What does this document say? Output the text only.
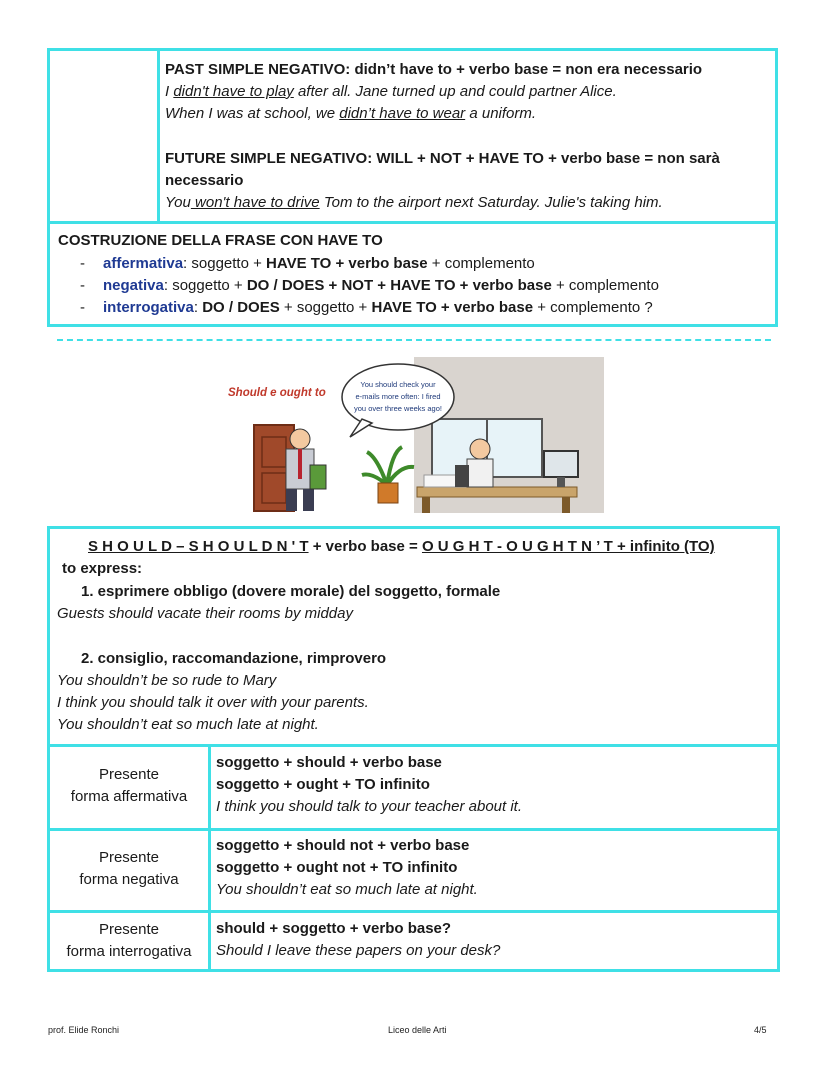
PAST SIMPLE NEGATIVO: didn’t have to + verbo base = non era necessario
I didn't have to play after all. Jane turned up and could partner Alice.
When I was at school, we didn’t have to wear a uniform.
FUTURE SIMPLE NEGATIVO: WILL + NOT + HAVE TO + verbo base = non sarà
necessario
You won't have to drive Tom to the airport next Saturday. Julie's taking him.
COSTRUZIONE DELLA FRASE CON HAVE TO
- affermativa: soggetto + HAVE TO + verbo base + complemento
- negativa: soggetto + DO / DOES + NOT + HAVE TO + verbo base + complemento
- interrogativa: DO / DOES + soggetto + HAVE TO + verbo base + complemento ?
You should check your
e-mails more often: I fired
you over three weeks ago!
Should e ought to
S H O U L D – S H O U L D N ' T + verbo base = O U G H T - O U G H T N ’ T + infinito (TO)
to express:
1. esprimere obbligo (dovere morale) del soggetto, formale
Guests should vacate their rooms by midday
2. consiglio, raccomandazione, rimprovero
You shouldn’t be so rude to Mary
I think you should talk it over with your parents.
You shouldn’t eat so much late at night.
Presente
forma affermativa
soggetto + should + verbo base
soggetto + ought + TO infinito
I think you should talk to your teacher about it.
Presente
forma negativa
soggetto + should not + verbo base
soggetto + ought not + TO infinito
You shouldn’t eat so much late at night.
Presente
forma interrogativa
should + soggetto + verbo base?
Should I leave these papers on your desk?
prof. Elide Ronchi	Liceo delle Arti	4/5
